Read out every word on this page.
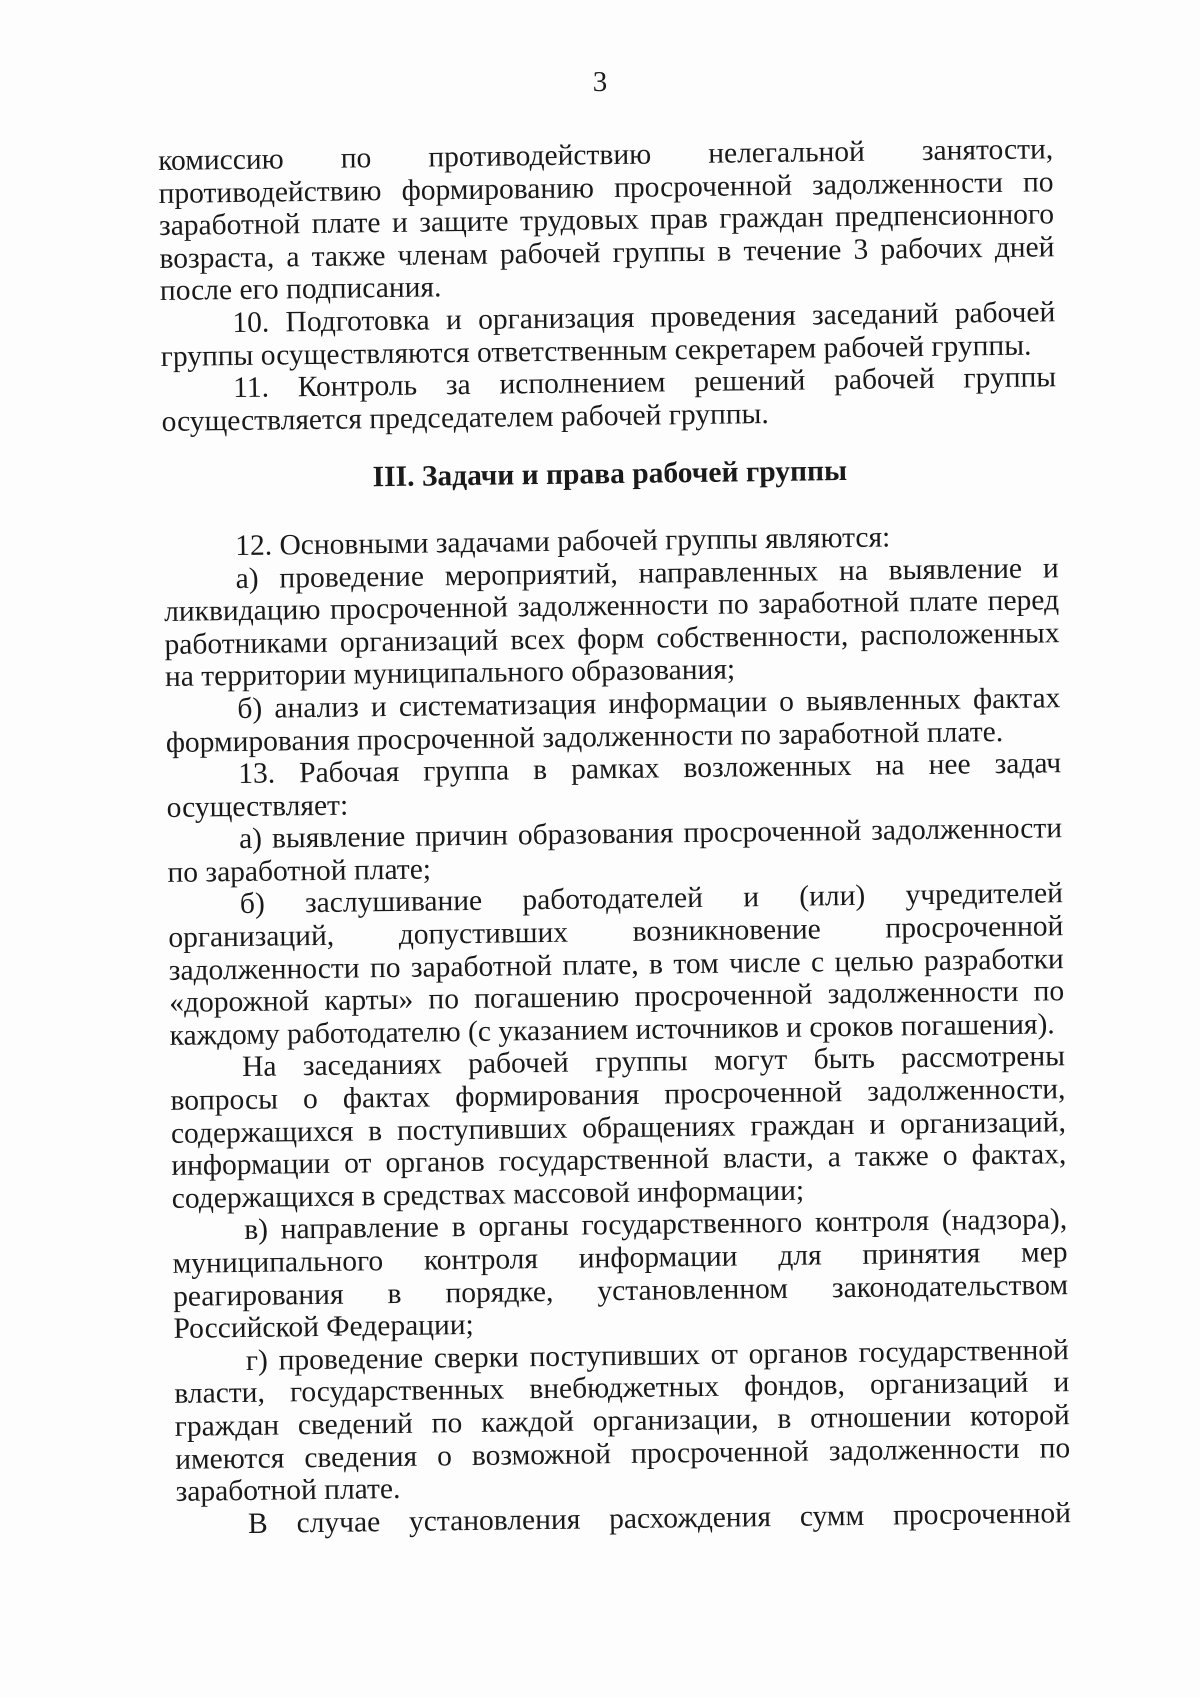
3

комиссию по противодействию нелегальной занятости, противодействию формированию просроченной задолженности по заработной плате и защите трудовых прав граждан предпенсионного возраста, а также членам рабочей группы в течение 3 рабочих дней после его подписания.

10. Подготовка и организация проведения заседаний рабочей группы осуществляются ответственным секретарем рабочей группы.

11. Контроль за исполнением решений рабочей группы осуществляется председателем рабочей группы.

III. Задачи и права рабочей группы

12. Основными задачами рабочей группы являются:

а) проведение мероприятий, направленных на выявление и ликвидацию просроченной задолженности по заработной плате перед работниками организаций всех форм собственности, расположенных на территории муниципального образования;

б) анализ и систематизация информации о выявленных фактах формирования просроченной задолженности по заработной плате.

13. Рабочая группа в рамках возложенных на нее задач осуществляет:

а) выявление причин образования просроченной задолженности по заработной плате;

б) заслушивание работодателей и (или) учредителей организаций, допустивших возникновение просроченной задолженности по заработной плате, в том числе с целью разработки «дорожной карты» по погашению просроченной задолженности по каждому работодателю (с указанием источников и сроков погашения).

На заседаниях рабочей группы могут быть рассмотрены вопросы о фактах формирования просроченной задолженности, содержащихся в поступивших обращениях граждан и организаций, информации от органов государственной власти, а также о фактах, содержащихся в средствах массовой информации;

в) направление в органы государственного контроля (надзора), муниципального контроля информации для принятия мер реагирования в порядке, установленном законодательством Российской Федерации;

г) проведение сверки поступивших от органов государственной власти, государственных внебюджетных фондов, организаций и граждан сведений по каждой организации, в отношении которой имеются сведения о возможной просроченной задолженности по заработной плате.

В случае установления расхождения сумм просроченной
